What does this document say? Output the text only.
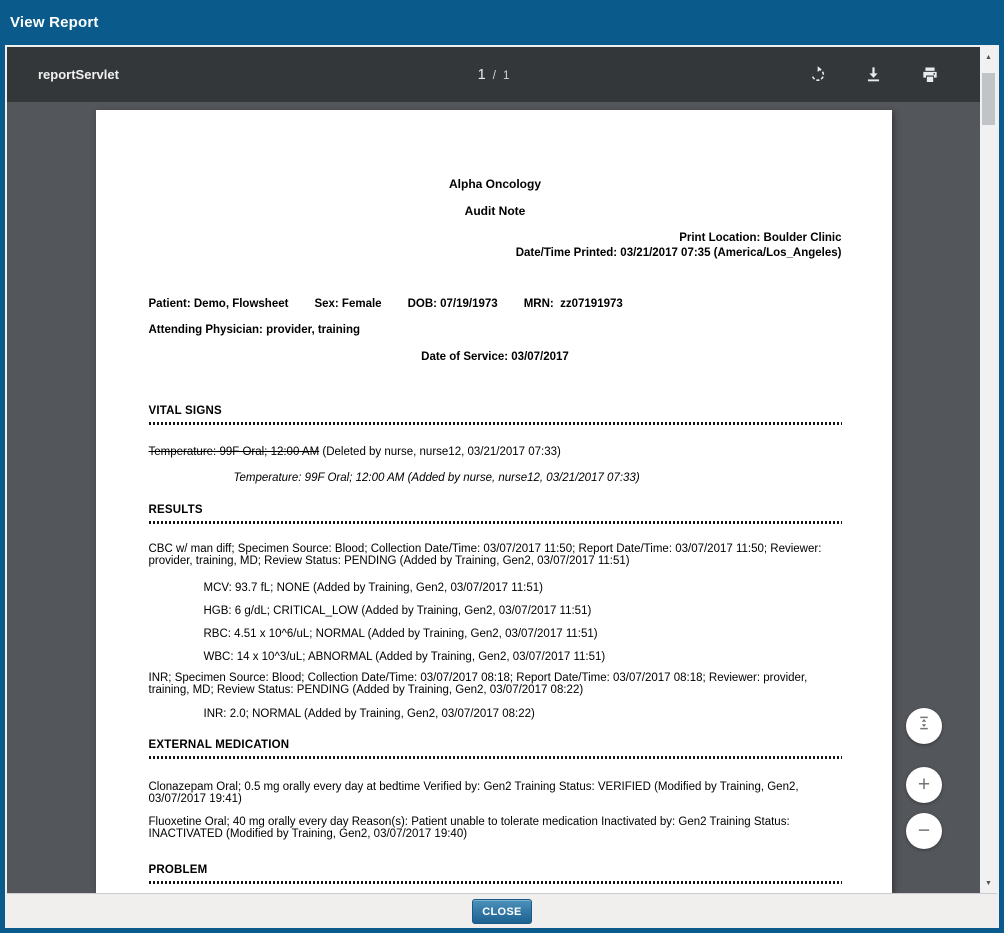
View Report
reportServlet	1 / 1
Alpha Oncology
Audit Note
Print Location: Boulder Clinic
Date/Time Printed: 03/21/2017 07:35 (America/Los_Angeles)
Patient: Demo, Flowsheet Sex: Female DOB: 07/19/1973 MRN:  zz07191973
Attending Physician: provider, training
Date of Service: 03/07/2017
VITAL SIGNS
Temperature: 99F Oral; 12:00 AM (Deleted by nurse, nurse12, 03/21/2017 07:33)
Temperature: 99F Oral; 12:00 AM (Added by nurse, nurse12, 03/21/2017 07:33)
RESULTS
CBC w/ man diff; Specimen Source: Blood; Collection Date/Time: 03/07/2017 11:50; Report Date/Time: 03/07/2017 11:50; Reviewer: provider, training, MD; Review Status: PENDING (Added by Training, Gen2, 03/07/2017 11:51)
MCV: 93.7 fL; NONE (Added by Training, Gen2, 03/07/2017 11:51)
HGB: 6 g/dL; CRITICAL_LOW (Added by Training, Gen2, 03/07/2017 11:51)
RBC: 4.51 x 10^6/uL; NORMAL (Added by Training, Gen2, 03/07/2017 11:51)
WBC: 14 x 10^3/uL; ABNORMAL (Added by Training, Gen2, 03/07/2017 11:51)
INR; Specimen Source: Blood; Collection Date/Time: 03/07/2017 08:18; Report Date/Time: 03/07/2017 08:18; Reviewer: provider, training, MD; Review Status: PENDING (Added by Training, Gen2, 03/07/2017 08:22)
INR: 2.0; NORMAL (Added by Training, Gen2, 03/07/2017 08:22)
EXTERNAL MEDICATION
Clonazepam Oral; 0.5 mg orally every day at bedtime Verified by: Gen2 Training Status: VERIFIED (Modified by Training, Gen2, 03/07/2017 19:41)
Fluoxetine Oral; 40 mg orally every day Reason(s): Patient unable to tolerate medication Inactivated by: Gen2 Training Status: INACTIVATED (Modified by Training, Gen2, 03/07/2017 19:40)
PROBLEM
+
−
▲
▼
CLOSE
